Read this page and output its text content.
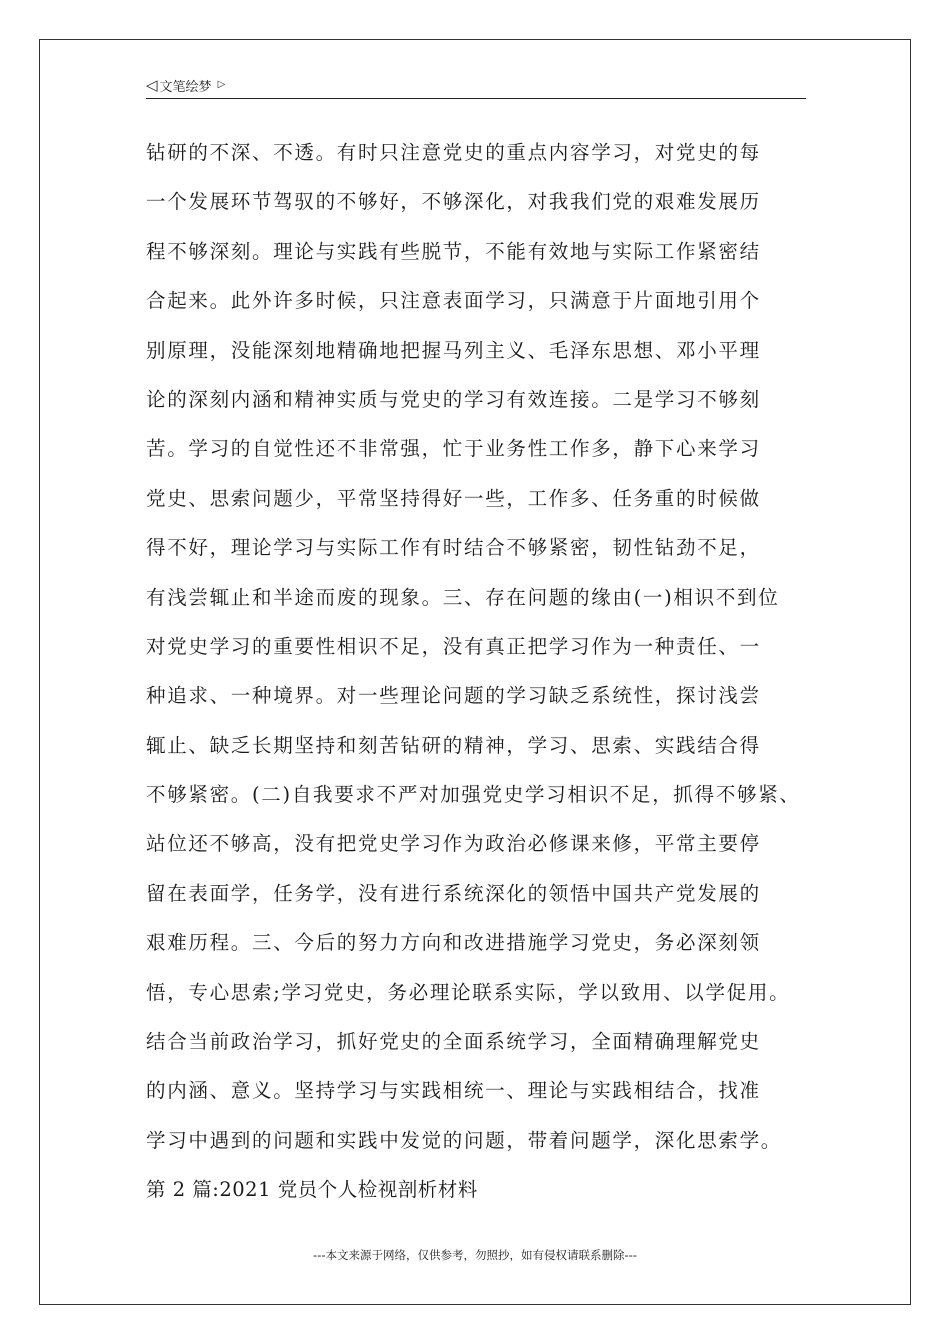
◁ 文笔绘梦 ▷
钻研的不深、不透。有时只注意党史的重点内容学习，对党史的每
一个发展环节驾驭的不够好，不够深化，对我我们党的艰难发展历
程不够深刻。理论与实践有些脱节，不能有效地与实际工作紧密结
合起来。此外许多时候，只注意表面学习，只满意于片面地引用个
别原理，没能深刻地精确地把握马列主义、毛泽东思想、邓小平理
论的深刻内涵和精神实质与党史的学习有效连接。二是学习不够刻
苦。学习的自觉性还不非常强，忙于业务性工作多，静下心来学习
党史、思索问题少，平常坚持得好一些，工作多、任务重的时候做
得不好，理论学习与实际工作有时结合不够紧密，韧性钻劲不足，
有浅尝辄止和半途而废的现象。三、存在问题的缘由(一)相识不到位
对党史学习的重要性相识不足，没有真正把学习作为一种责任、一
种追求、一种境界。对一些理论问题的学习缺乏系统性，探讨浅尝
辄止、缺乏长期坚持和刻苦钻研的精神，学习、思索、实践结合得
不够紧密。(二)自我要求不严对加强党史学习相识不足，抓得不够紧、
站位还不够高，没有把党史学习作为政治必修课来修，平常主要停
留在表面学，任务学，没有进行系统深化的领悟中国共产党发展的
艰难历程。三、今后的努力方向和改进措施学习党史，务必深刻领
悟，专心思索;学习党史，务必理论联系实际，学以致用、以学促用。
结合当前政治学习，抓好党史的全面系统学习，全面精确理解党史
的内涵、意义。坚持学习与实践相统一、理论与实践相结合，找准
学习中遇到的问题和实践中发觉的问题，带着问题学，深化思索学。
第 2 篇:2021 党员个人检视剖析材料
---本文来源于网络，仅供参考，勿照抄，如有侵权请联系删除---
